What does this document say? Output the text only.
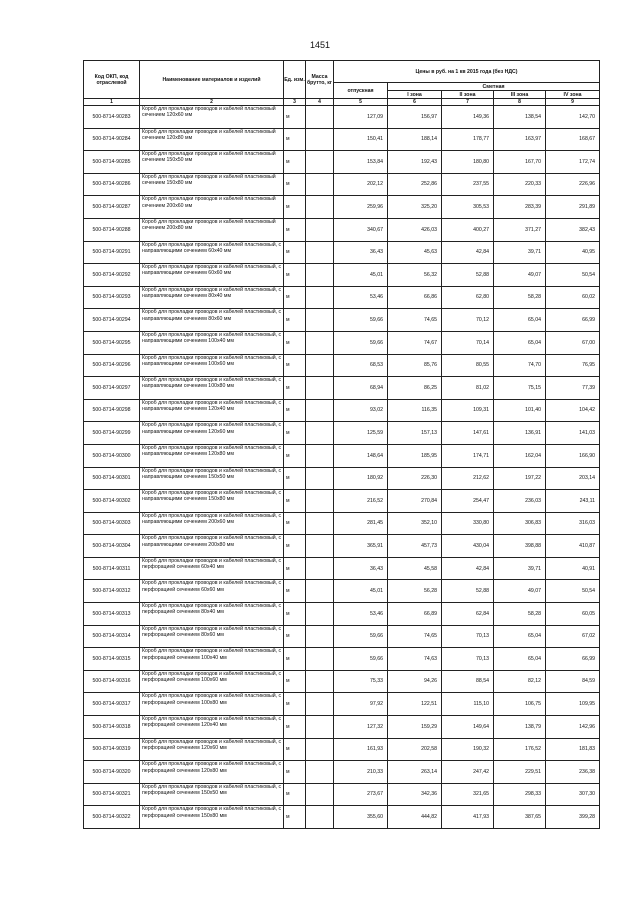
1451
Код ОКП, код отраслевой	Наименование материалов и изделий	Ед. изм.	Масса брутто, кг	Цены в руб. на 1 кв 2015 года (без НДС)				
				отпускная	Сметная			
					I зона	II зона	III зона	IV зона
1	2	3	4	5	6	7	8	9
500-8714-90283	Короб для прокладки проводов и кабелей пластиковый сечением 120х60 мм	м		127,09	156,97	149,36	138,54	142,70
500-8714-90284	Короб для прокладки проводов и кабелей пластиковый сечением 120х80 мм	м		150,41	188,14	178,77	163,97	168,67
500-8714-90285	Короб для прокладки проводов и кабелей пластиковый сечением 150х50 мм	м		153,84	192,43	180,80	167,70	172,74
500-8714-90286	Короб для прокладки проводов и кабелей пластиковый сечением 150х80 мм	м		202,12	252,86	237,55	220,33	226,96
500-8714-90287	Короб для прокладки проводов и кабелей пластиковый сечением 200х60 мм	м		259,96	325,20	305,53	283,39	291,89
500-8714-90288	Короб для прокладки проводов и кабелей пластиковый сечением 200х80 мм	м		340,67	426,03	400,27	371,27	382,43
500-8714-90291	Короб для прокладки проводов и кабелей пластиковый, с направляющими сечением 60х40 мм	м		36,43	45,63	42,84	39,71	40,95
500-8714-90292	Короб для прокладки проводов и кабелей пластиковый, с направляющими сечением 60х60 мм	м		45,01	56,32	52,88	49,07	50,54
500-8714-90293	Короб для прокладки проводов и кабелей пластиковый, с направляющими сечением 80х40 мм	м		53,46	66,86	62,80	58,28	60,02
500-8714-90294	Короб для прокладки проводов и кабелей пластиковый, с направляющими сечением 80х60 мм	м		59,66	74,65	70,12	65,04	66,99
500-8714-90295	Короб для прокладки проводов и кабелей пластиковый, с направляющими сечением 100х40 мм	м		59,66	74,67	70,14	65,04	67,00
500-8714-90296	Короб для прокладки проводов и кабелей пластиковый, с направляющими сечением 100х60 мм	м		68,53	85,76	80,55	74,70	76,95
500-8714-90297	Короб для прокладки проводов и кабелей пластиковый, с направляющими сечением 100х80 мм	м		68,94	86,25	81,02	75,15	77,39
500-8714-90298	Короб для прокладки проводов и кабелей пластиковый, с направляющими сечением 120х40 мм	м		93,02	116,35	109,31	101,40	104,42
500-8714-90299	Короб для прокладки проводов и кабелей пластиковый, с направляющими сечением 120х60 мм	м		125,59	157,13	147,61	136,91	141,03
500-8714-90300	Короб для прокладки проводов и кабелей пластиковый, с направляющими сечением 120х80 мм	м		148,64	185,95	174,71	162,04	166,90
500-8714-90301	Короб для прокладки проводов и кабелей пластиковый, с направляющими сечением 150х50 мм	м		180,92	226,30	212,62	197,22	203,14
500-8714-90302	Короб для прокладки проводов и кабелей пластиковый, с направляющими сечением 150х80 мм	м		216,52	270,84	254,47	236,03	243,11
500-8714-90303	Короб для прокладки проводов и кабелей пластиковый, с направляющими сечением 200х60 мм	м		281,45	352,10	330,80	306,83	316,03
500-8714-90304	Короб для прокладки проводов и кабелей пластиковый, с направляющими сечением 200х80 мм	м		365,91	457,73	430,04	398,88	410,87
500-8714-90311	Короб для прокладки проводов и кабелей пластиковый, с перфорацией сечением 60х40 мм	м		36,43	45,58	42,84	39,71	40,91
500-8714-90312	Короб для прокладки проводов и кабелей пластиковый, с перфорацией сечением 60х60 мм	м		45,01	56,28	52,88	49,07	50,54
500-8714-90313	Короб для прокладки проводов и кабелей пластиковый, с перфорацией сечением 80х40 мм	м		53,46	66,89	62,84	58,28	60,05
500-8714-90314	Короб для прокладки проводов и кабелей пластиковый, с перфорацией сечением 80х60 мм	м		59,66	74,65	70,13	65,04	67,02
500-8714-90315	Короб для прокладки проводов и кабелей пластиковый, с перфорацией сечением 100х40 мм	м		59,66	74,63	70,13	65,04	66,99
500-8714-90316	Короб для прокладки проводов и кабелей пластиковый, с перфорацией сечением 100х60 мм	м		75,33	94,26	88,54	82,12	84,59
500-8714-90317	Короб для прокладки проводов и кабелей пластиковый, с перфорацией сечением 100х80 мм	м		97,92	122,51	115,10	106,75	109,95
500-8714-90318	Короб для прокладки проводов и кабелей пластиковый, с перфорацией сечением 120х40 мм	м		127,32	159,29	149,64	138,79	142,96
500-8714-90319	Короб для прокладки проводов и кабелей пластиковый, с перфорацией сечением 120х60 мм	м		161,93	202,58	190,32	176,52	181,83
500-8714-90320	Короб для прокладки проводов и кабелей пластиковый, с перфорацией сечением 120х80 мм	м		210,33	263,14	247,42	229,51	236,38
500-8714-90321	Короб для прокладки проводов и кабелей пластиковый, с перфорацией сечением 150х50 мм	м		273,67	342,36	321,65	298,33	307,30
500-8714-90322	Короб для прокладки проводов и кабелей пластиковый, с перфорацией сечением 150х80 мм	м		355,60	444,82	417,93	387,65	399,28
